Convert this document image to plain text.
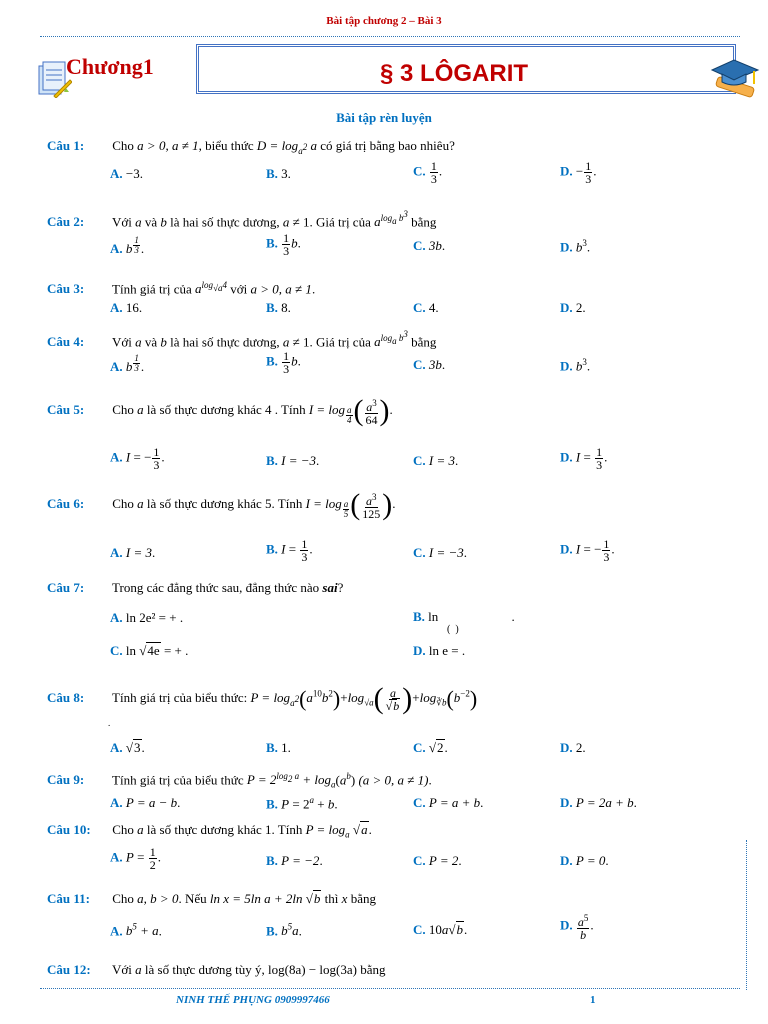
Bài tập chương 2 – Bài 3
Chương1	§ 3 LÔGARIT
Bài tập rèn luyện
Câu 1: Cho a > 0, a ≠ 1, biểu thức $D = \log_{a^2} a$ có giá trị bằng bao nhiêu?
A. −3.	B. 3.	C. $\frac{1}{3}$ .	D. − $\frac{1}{3}$ .
Câu 2: Với a và b là hai số thực dương, a ≠ 1. Giá trị của $a^{log_a b^3}$ bằng
A. b $^{\frac{1}{3}}$ .	B. $\frac{1}{3} b$.	C. 3b.	D. $b^3$.
Câu 3: Tính giá trị của $a^{log_{√a}4}$ với a > 0, a ≠ 1.
A. 16.	B. 8.	C. 4.	D. 2.
Câu 4: Với a và b là hai số thực dương, a ≠ 1. Giá trị của $a^{log_a b^3}$ bằng
A. b $^{\frac{1}{3}}$ .	B. $\frac{1}{3} b$.	C. 3b.	D. $b^3$.
Câu 5: Cho a là số thực dương khác 4 . Tính I = log $_{\frac{a}{4}}$ ( $\frac{a^3}{64}$ ).
A. I = − $\frac{1}{3}$ .	B. I = −3.	C. I = 3.	D. $I = \frac{1}{3}$ .
Câu 6: Cho a là số thực dương khác 5. Tính I = log $_{\frac{a}{5}}$ ( $\frac{a^3}{125}$ ).
A. I = 3.	B. $I = \frac{1}{3}$ .	C. I = −3.	D. I = − $\frac{1}{3}$ .
Câu 7: Trong các đẳng thức sau, đẳng thức nào sai?
A. ln 2e² = + .	B. ln	.
(  )
C. ln √4e = + .	D. ln e = .
Câu 8: Tính giá trị của biểu thức: $P = \log_{a^2}(a^{10}b^2)+\log_{√a}( \frac{a}{√b} )+\log_{∛b}(b^{-2})$
.
A. √3.	B. 1.	C. √2.	D. 2.
Câu 9: Tính giá trị của biểu thức $P = 2^{log_2 a} + \log_a(a^b) (a > 0$, a ≠ 1).
A. P = a − b.	B. $P = 2^a + b$.	C. P = a + b.	D. P = 2a + b.
Câu 10: Cho a là số thực dương khác 1. Tính $P = \log_a √a$.
A. $P = \frac{1}{2}$ .	B. P = −2.	C. P = 2.	D. P = 0.
Câu 11: Cho a, b > 0. Nếu ln x = 5ln a + 2ln √b thì x bằng
A. $b^5 + a$.	B. $b^5a$.	C. 10a√b.	D. $\frac{a^5}{b}$ .
Câu 12: Với a là số thực dương tùy ý, log(8a) − log(3a) bằng
NINH THẾ PHỤNG 0909997466	1
